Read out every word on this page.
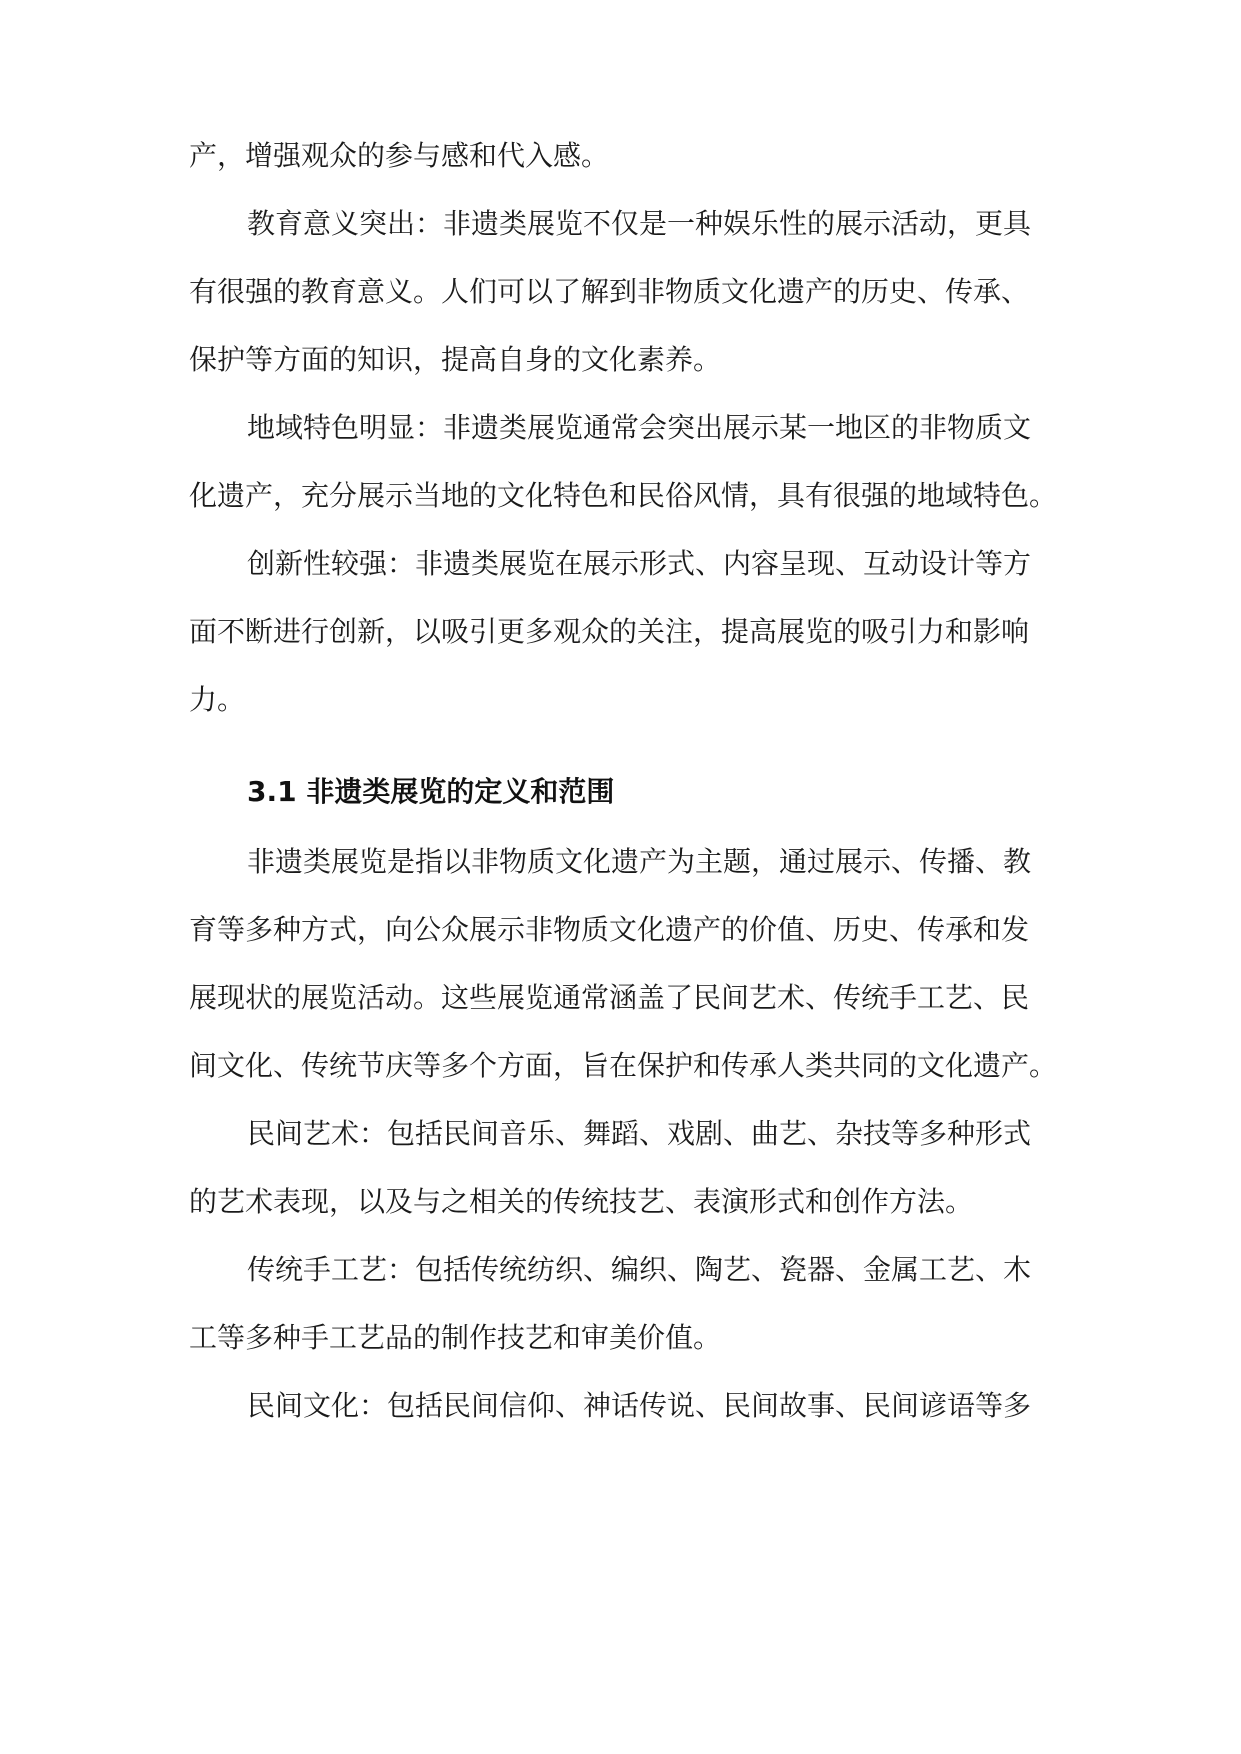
产，增强观众的参与感和代入感。
教育意义突出：非遗类展览不仅是一种娱乐性的展示活动，更具
有很强的教育意义。人们可以了解到非物质文化遗产的历史、传承、
保护等方面的知识，提高自身的文化素养。
地域特色明显：非遗类展览通常会突出展示某一地区的非物质文
化遗产，充分展示当地的文化特色和民俗风情，具有很强的地域特色。
创新性较强：非遗类展览在展示形式、内容呈现、互动设计等方
面不断进行创新，以吸引更多观众的关注，提高展览的吸引力和影响
力。
3.1 非遗类展览的定义和范围
非遗类展览是指以非物质文化遗产为主题，通过展示、传播、教
育等多种方式，向公众展示非物质文化遗产的价值、历史、传承和发
展现状的展览活动。这些展览通常涵盖了民间艺术、传统手工艺、民
间文化、传统节庆等多个方面，旨在保护和传承人类共同的文化遗产。
民间艺术：包括民间音乐、舞蹈、戏剧、曲艺、杂技等多种形式
的艺术表现，以及与之相关的传统技艺、表演形式和创作方法。
传统手工艺：包括传统纺织、编织、陶艺、瓷器、金属工艺、木
工等多种手工艺品的制作技艺和审美价值。
民间文化：包括民间信仰、神话传说、民间故事、民间谚语等多
